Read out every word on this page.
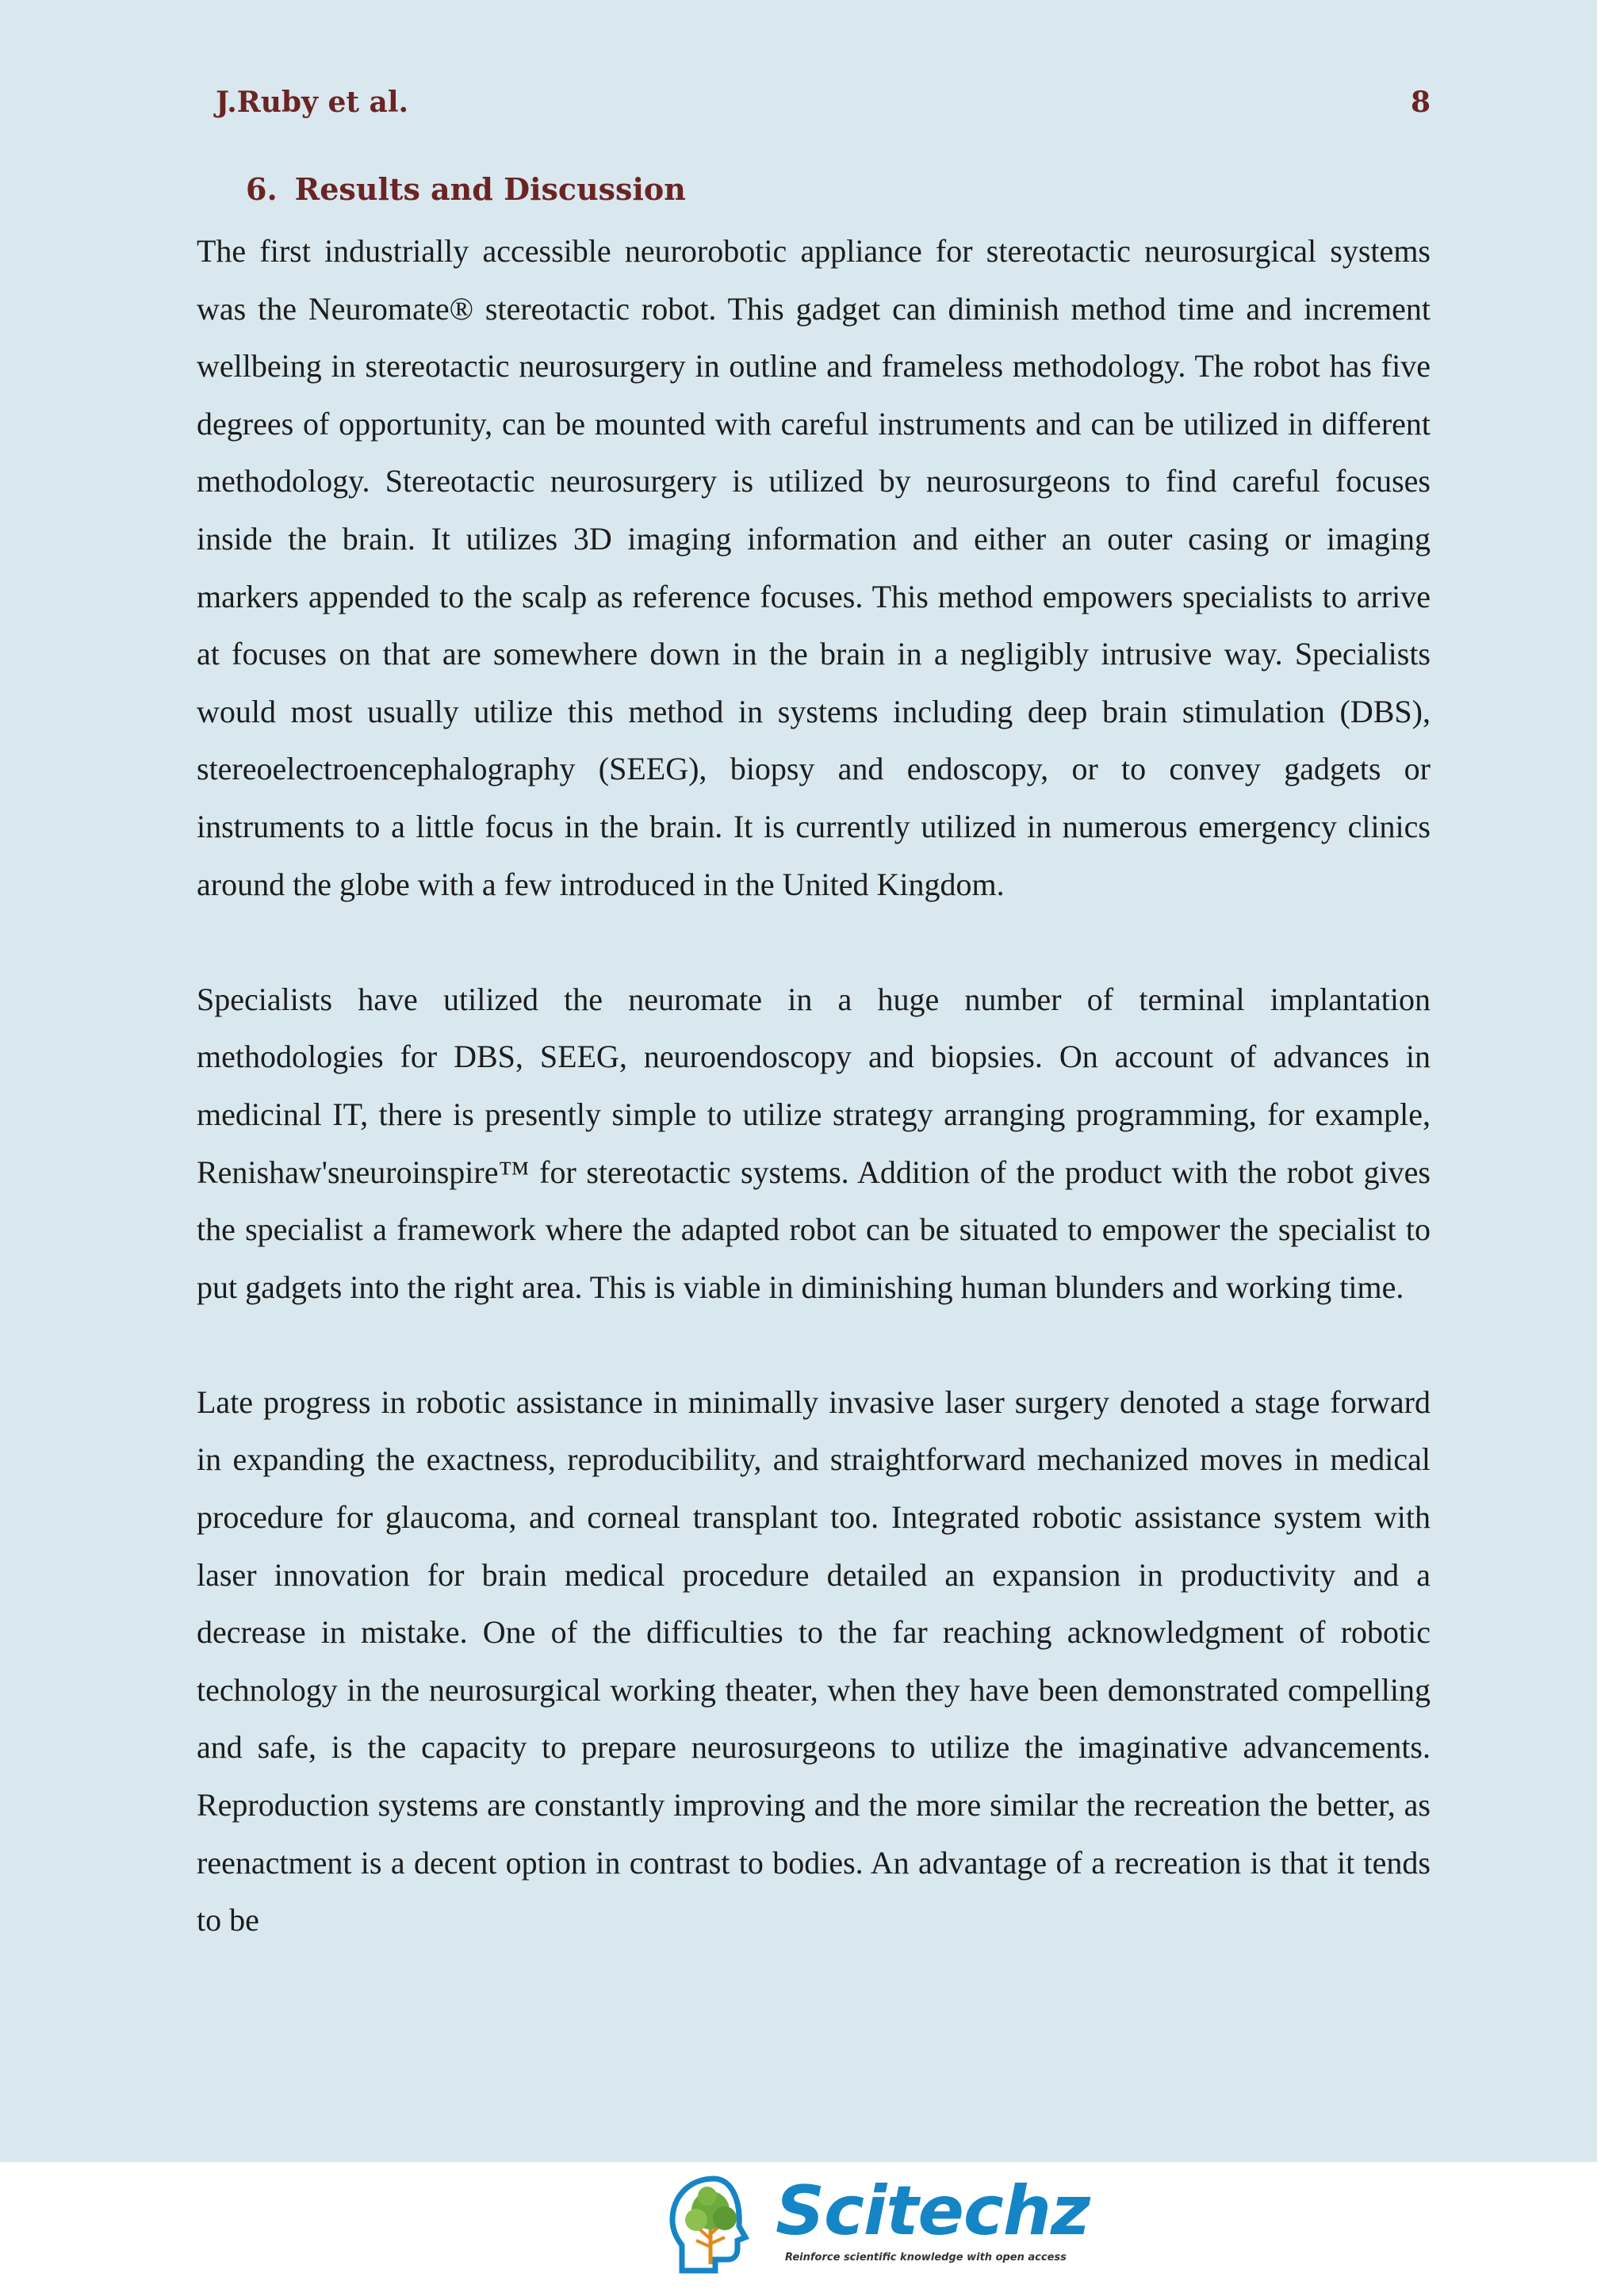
J.Ruby et al.	8
6. Results and Discussion

The first industrially accessible neurorobotic appliance for stereotactic neurosurgical systems was the Neuromate® stereotactic robot. This gadget can diminish method time and increment wellbeing in stereotactic neurosurgery in outline and frameless methodology. The robot has five degrees of opportunity, can be mounted with careful instruments and can be utilized in different methodology. Stereotactic neurosurgery is utilized by neurosurgeons to find careful focuses inside the brain. It utilizes 3D imaging information and either an outer casing or imaging markers appended to the scalp as reference focuses. This method empowers specialists to arrive at focuses on that are somewhere down in the brain in a negligibly intrusive way. Specialists would most usually utilize this method in systems including deep brain stimulation (DBS), stereoelectroencephalography (SEEG), biopsy and endoscopy, or to convey gadgets or instruments to a little focus in the brain. It is currently utilized in numerous emergency clinics around the globe with a few introduced in the United Kingdom.

Specialists have utilized the neuromate in a huge number of terminal implantation methodologies for DBS, SEEG, neuroendoscopy and biopsies. On account of advances in medicinal IT, there is presently simple to utilize strategy arranging programming, for example, Renishaw'sneuroinspire™ for stereotactic systems. Addition of the product with the robot gives the specialist a framework where the adapted robot can be situated to empower the specialist to put gadgets into the right area. This is viable in diminishing human blunders and working time.

Late progress in robotic assistance in minimally invasive laser surgery denoted a stage forward in expanding the exactness, reproducibility, and straightforward mechanized moves in medical procedure for glaucoma, and corneal transplant too. Integrated robotic assistance system with laser innovation for brain medical procedure detailed an expansion in productivity and a decrease in mistake. One of the difficulties to the far reaching acknowledgment of robotic technology in the neurosurgical working theater, when they have been demonstrated compelling and safe, is the capacity to prepare neurosurgeons to utilize the imaginative advancements. Reproduction systems are constantly improving and the more similar the recreation the better, as reenactment is a decent option in contrast to bodies. An advantage of a recreation is that it tends to be

Scitechz
Reinforce scientific knowledge with open access
